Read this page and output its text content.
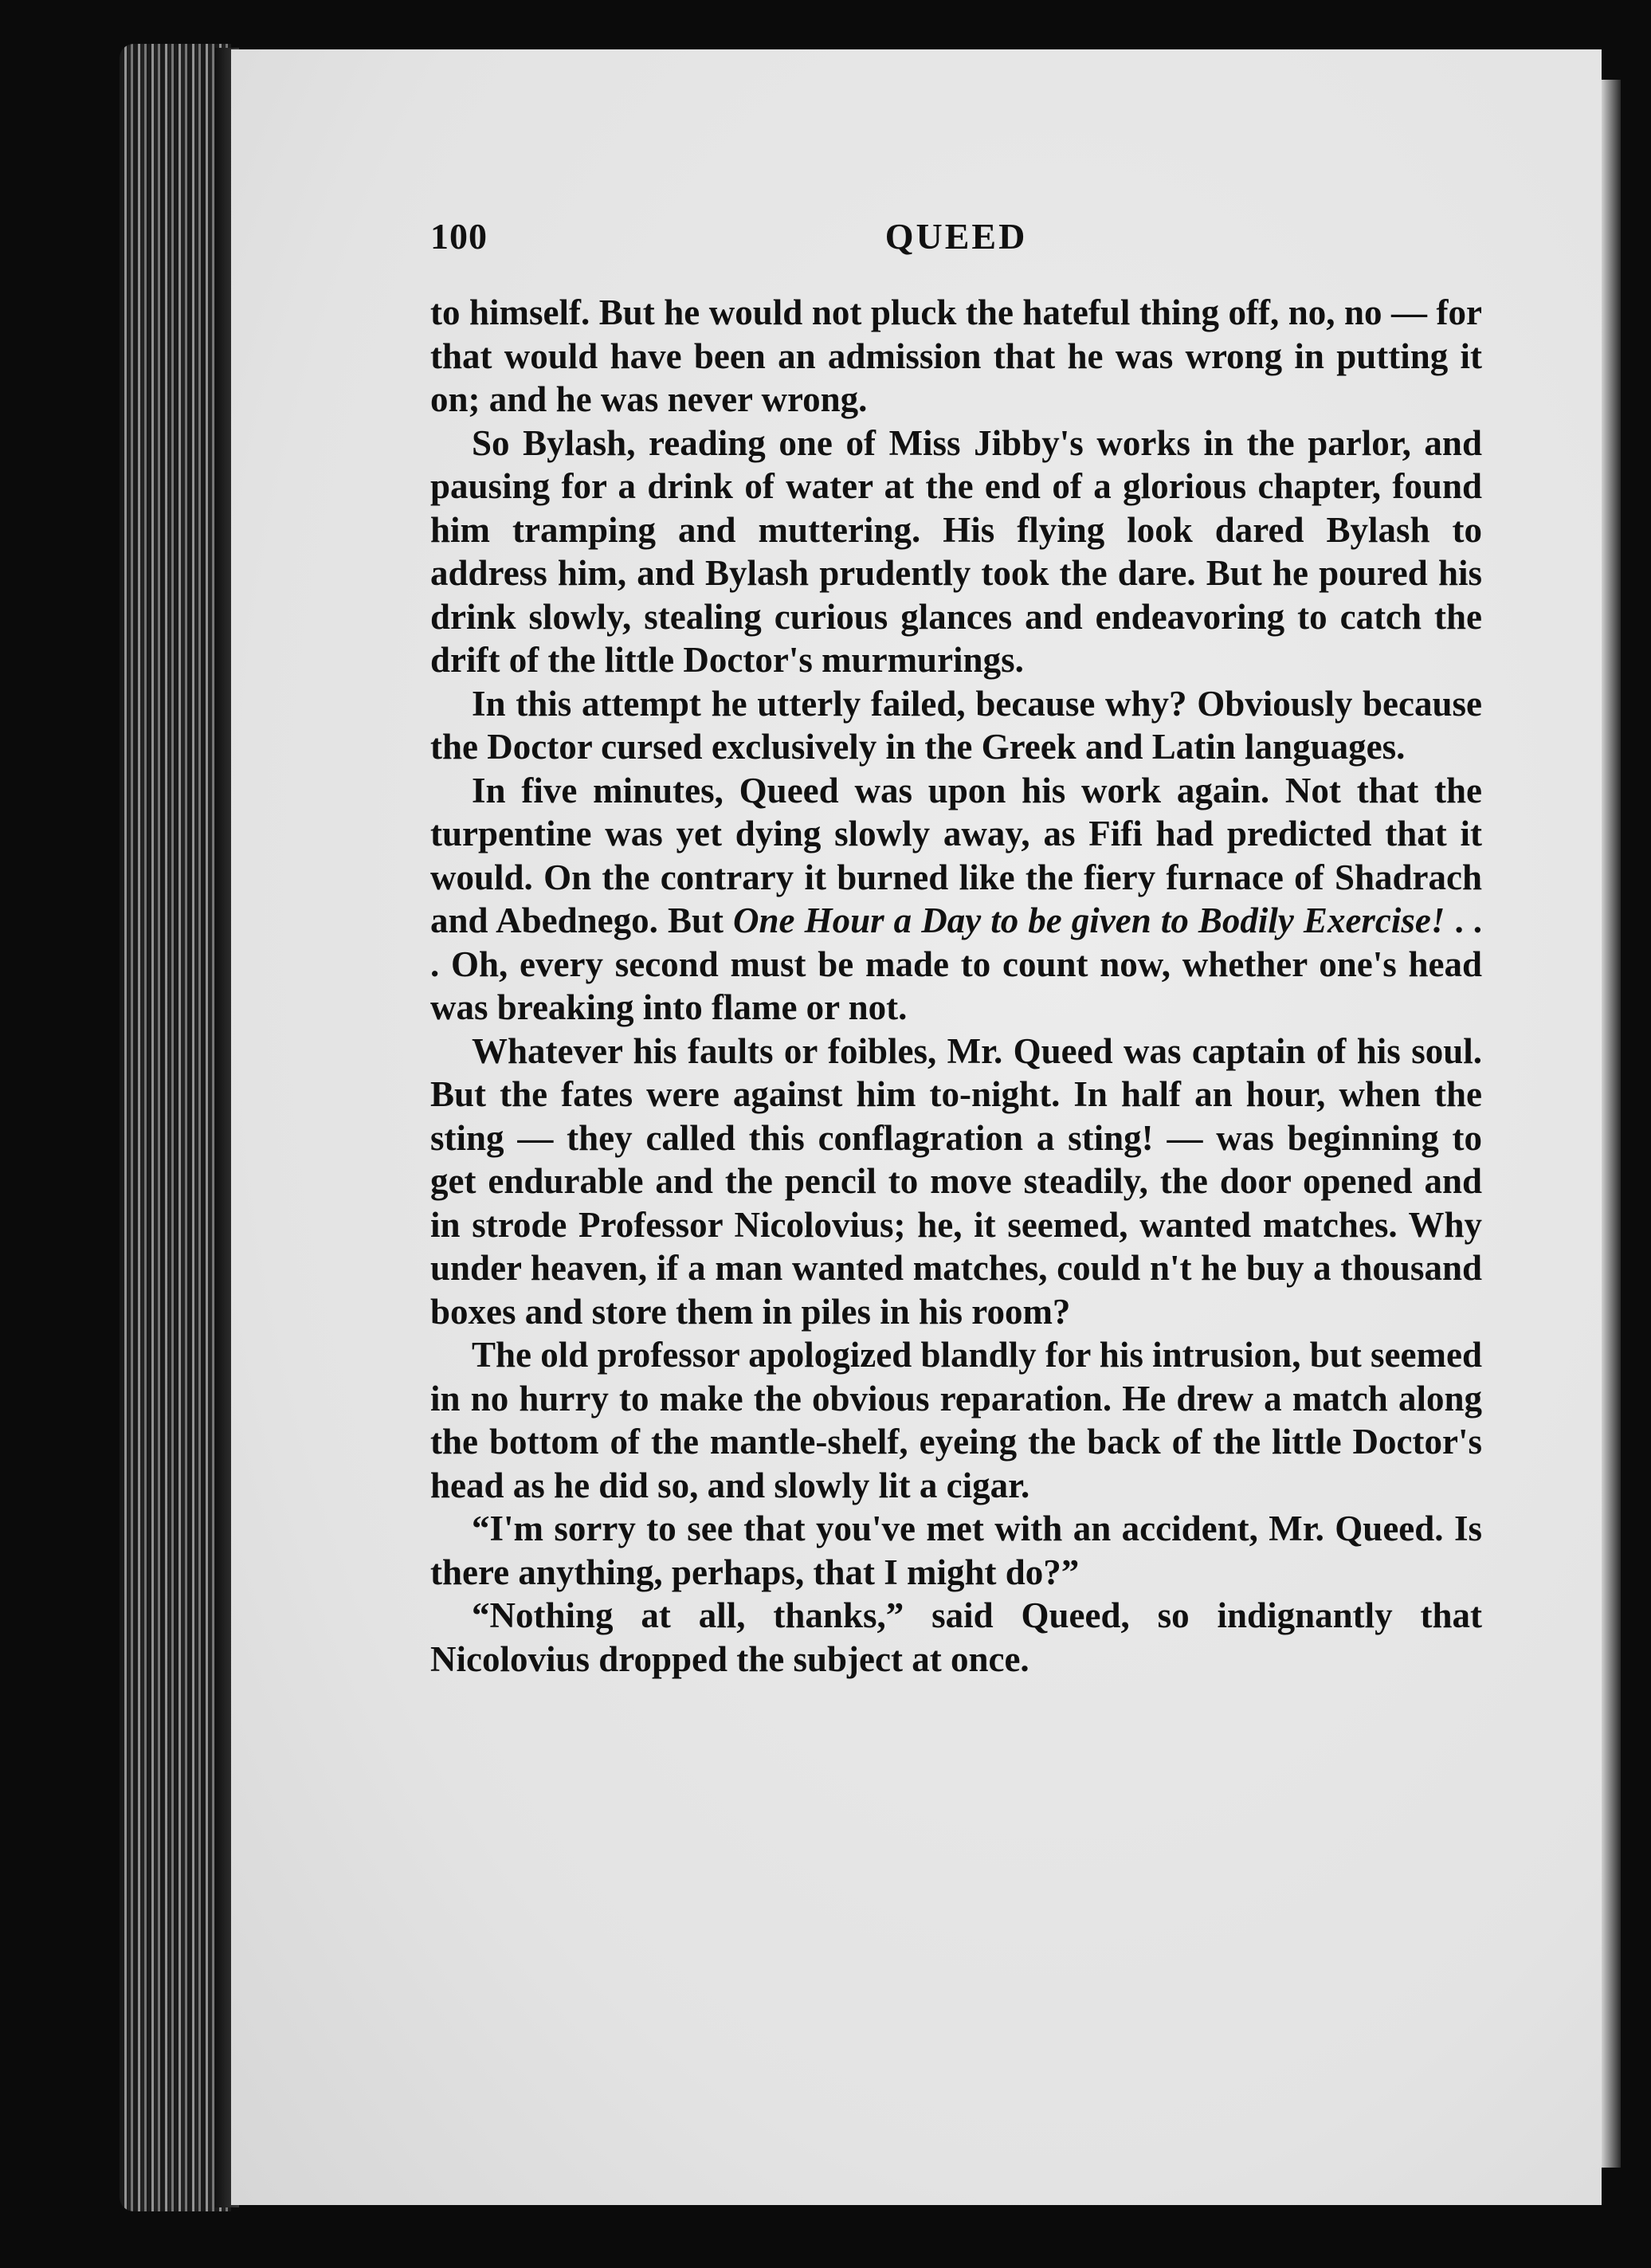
100	QUEED

to himself. But he would not pluck the hateful thing off, no, no — for that would have been an admission that he was wrong in putting it on; and he was never wrong.

So Bylash, reading one of Miss Jibby's works in the parlor, and pausing for a drink of water at the end of a glorious chapter, found him tramping and muttering. His flying look dared Bylash to address him, and Bylash prudently took the dare. But he poured his drink slowly, stealing curious glances and endeavoring to catch the drift of the little Doctor's murmurings.

In this attempt he utterly failed, because why? Obviously because the Doctor cursed exclusively in the Greek and Latin languages.

In five minutes, Queed was upon his work again. Not that the turpentine was yet dying slowly away, as Fifi had predicted that it would. On the contrary it burned like the fiery furnace of Shadrach and Abednego. But One Hour a Day to be given to Bodily Exercise! . . . Oh, every second must be made to count now, whether one's head was breaking into flame or not.

Whatever his faults or foibles, Mr. Queed was captain of his soul. But the fates were against him to-night. In half an hour, when the sting — they called this conflagration a sting! — was beginning to get endurable and the pencil to move steadily, the door opened and in strode Professor Nicolovius; he, it seemed, wanted matches. Why under heaven, if a man wanted matches, could n't he buy a thousand boxes and store them in piles in his room?

The old professor apologized blandly for his intrusion, but seemed in no hurry to make the obvious reparation. He drew a match along the bottom of the mantle-shelf, eyeing the back of the little Doctor's head as he did so, and slowly lit a cigar.

“I'm sorry to see that you've met with an accident, Mr. Queed. Is there anything, perhaps, that I might do?”

“Nothing at all, thanks,” said Queed, so indignantly that Nicolovius dropped the subject at once.
